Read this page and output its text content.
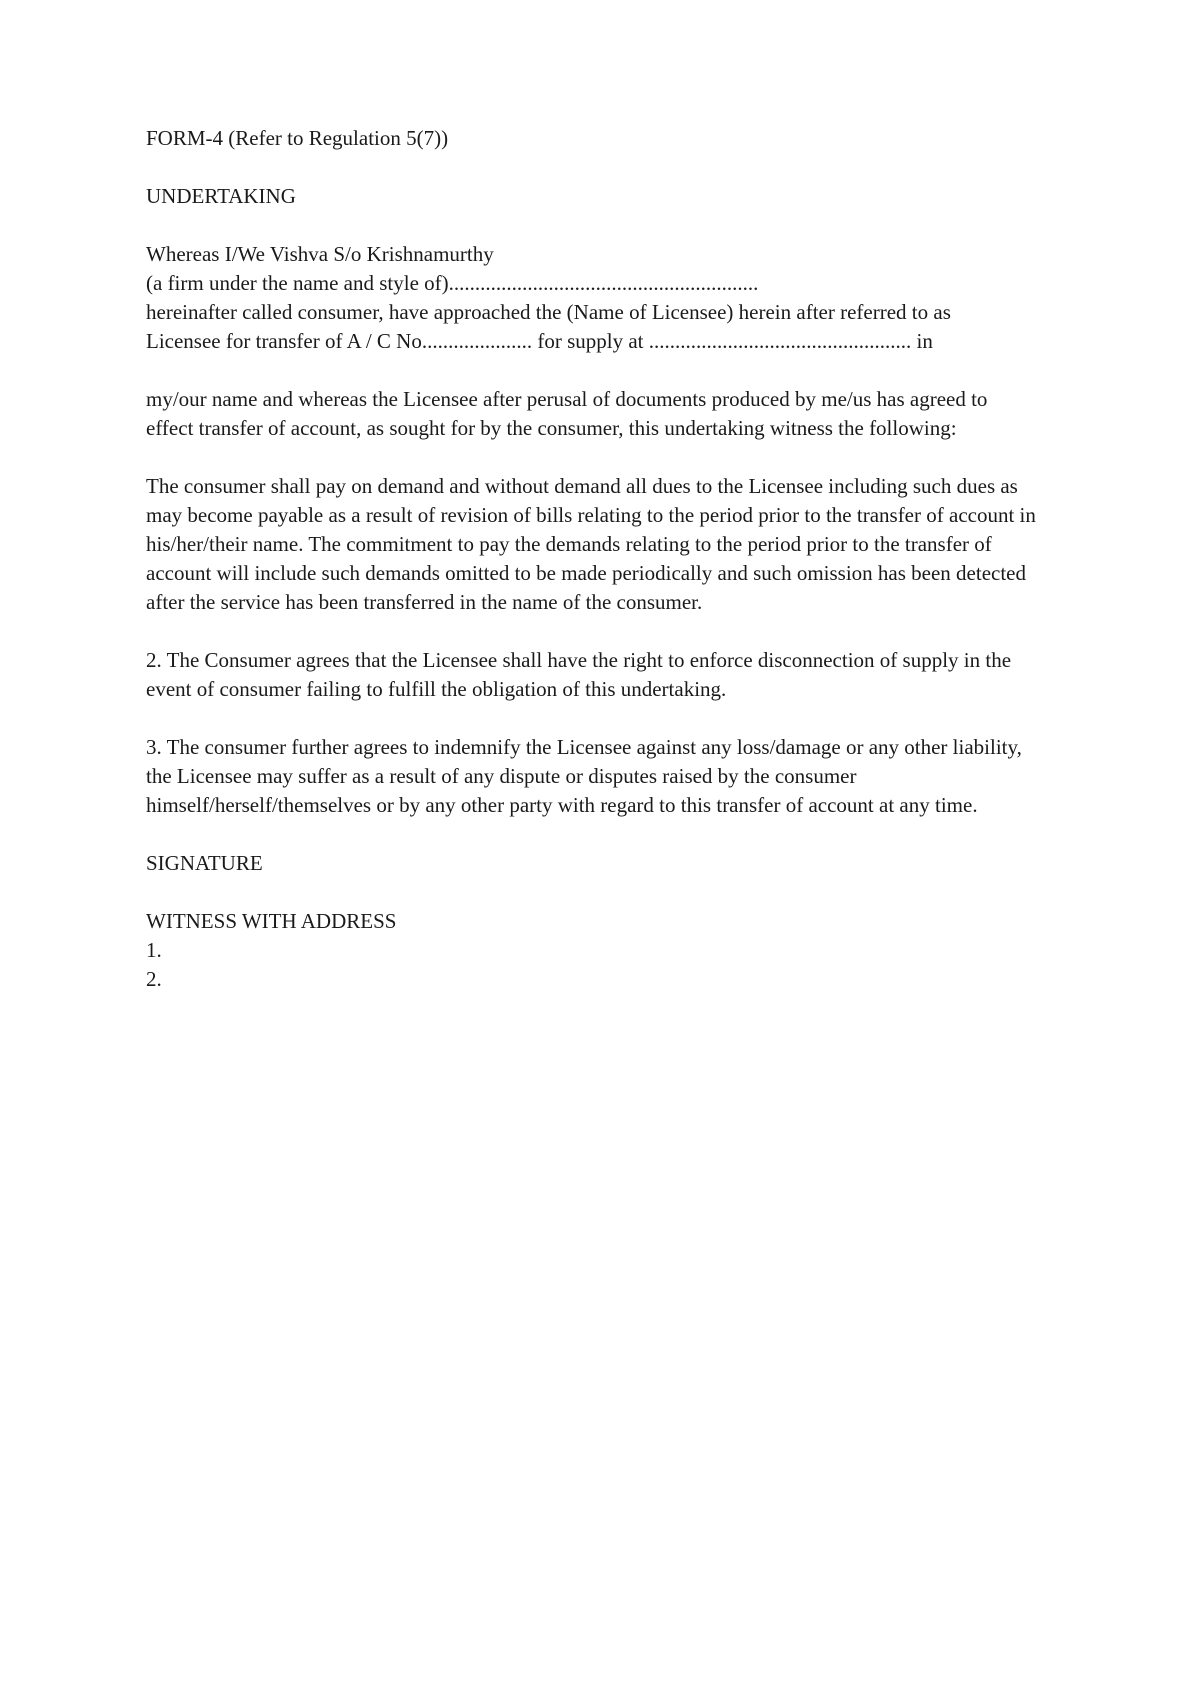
FORM-4 (Refer to Regulation 5(7))
UNDERTAKING
Whereas I/We Vishva S/o Krishnamurthy
(a firm under the name and style of)...........................................................
hereinafter called consumer, have approached the (Name of Licensee) herein after referred to as
Licensee for transfer of A / C No..................... for supply at .................................................. in
my/our name and whereas the Licensee after perusal of documents produced by me/us has agreed to
effect transfer of account, as sought for by the consumer, this undertaking witness the following:
The consumer shall pay on demand and without demand all dues to the Licensee including such dues as
may become payable as a result of revision of bills relating to the period prior to the transfer of account in
his/her/their name. The commitment to pay the demands relating to the period prior to the transfer of
account will include such demands omitted to be made periodically and such omission has been detected
after the service has been transferred in the name of the consumer.
2. The Consumer agrees that the Licensee shall have the right to enforce disconnection of supply in the
event of consumer failing to fulfill the obligation of this undertaking.
3. The consumer further agrees to indemnify the Licensee against any loss/damage or any other liability,
the Licensee may suffer as a result of any dispute or disputes raised by the consumer
himself/herself/themselves or by any other party with regard to this transfer of account at any time.
SIGNATURE
WITNESS WITH ADDRESS
1.
2.
